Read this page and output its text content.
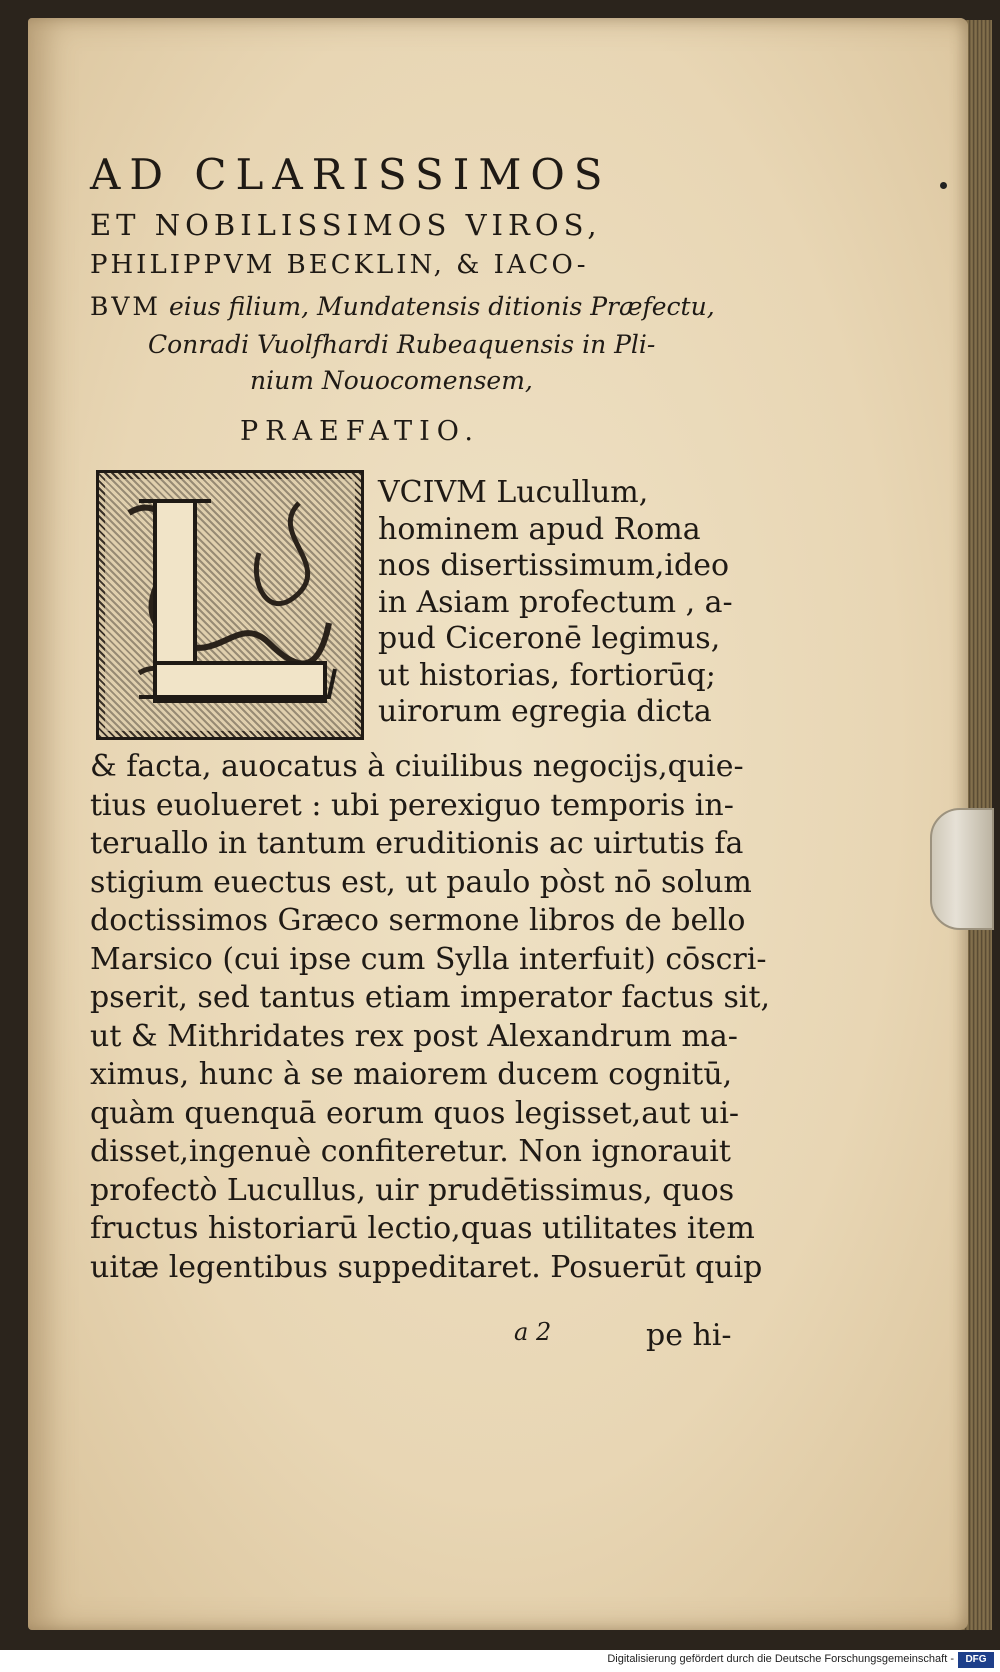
AD CLARISSIMOS
ET NOBILISSIMOS VIROS,
PHILIPPVM BECKLIN, & IACO-
BVM eius filium, Mundatensis ditionis Præfectu,
Conradi Vuolfhardi Rubeaquensis in Pli-
nium Nouocomensem,
PRAEFATIO.
VCIVM Lucullum,
hominem apud Roma
nos disertissimum,ideo
in Asiam profectum , a-
pud Ciceronē legimus,
ut historias, fortiorūq;
uirorum egregia dicta
& facta, auocatus à ciuilibus negocijs,quie-
tius euolueret : ubi perexiguo temporis in-
teruallo in tantum eruditionis ac uirtutis fa
stigium euectus est, ut paulo pòst nō solum
doctissimos Græco sermone libros de bello
Marsico (cui ipse cum Sylla interfuit) cōscri-
pserit, sed tantus etiam imperator factus sit,
ut & Mithridates rex post Alexandrum ma-
ximus, hunc à se maiorem ducem cognitū,
quàm quenquā eorum quos legisset,aut ui-
disset,ingenuè confiteretur. Non ignorauit
profectò Lucullus, uir prudētissimus, quos
fructus historiarū lectio,quas utilitates item
uitæ legentibus suppeditaret. Posuerūt quip
a 2	pe hi-
Digitalisierung gefördert durch die Deutsche Forschungsgemeinschaft -	DFG
